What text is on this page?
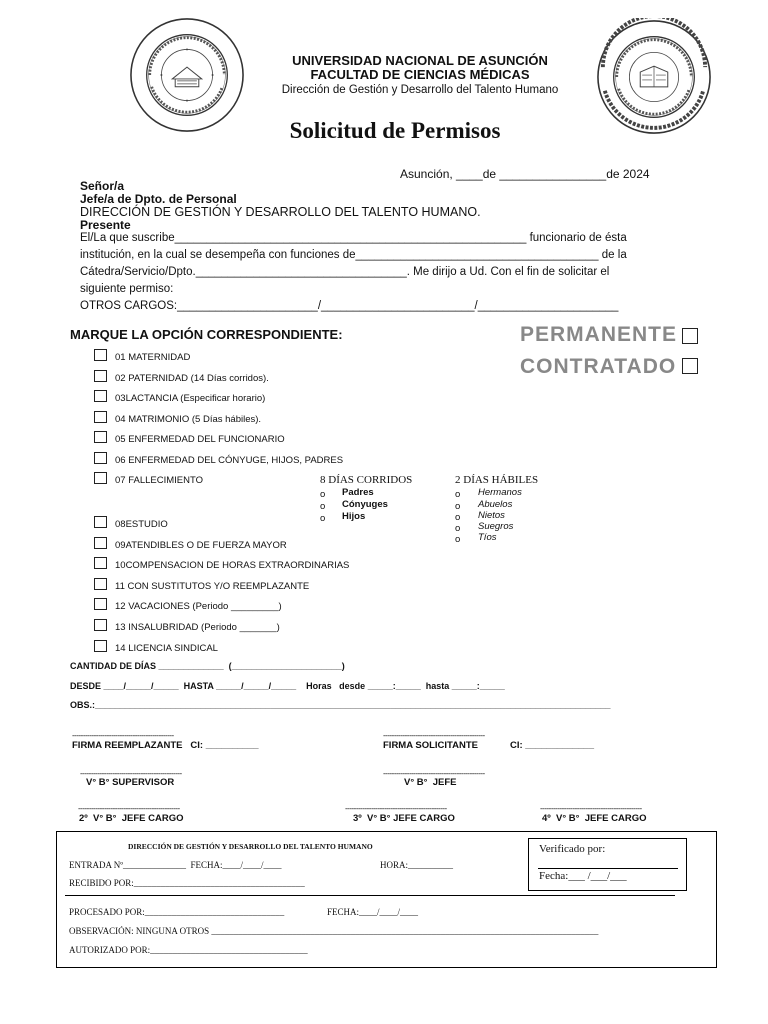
UNIVERSIDAD NACIONAL DE ASUNCIÓN
FACULTAD DE CIENCIAS MÉDICAS
Dirección de Gestión y Desarrollo del Talento Humano
Solicitud de Permisos
Asunción, ____de ________________de 2024
Señor/a
Jefe/a de Dpto. de Personal
DIRECCIÓN DE GESTIÓN Y DESARROLLO DEL TALENTO HUMANO.
Presente
El/La que suscribe_______________________________________________________ funcionario de ésta
institución, en la cual se desempeña con funciones de______________________________________ de la
Cátedra/Servicio/Dpto._________________________________. Me dirijo a Ud. Con el fin de solicitar el
siguiente permiso:
OTROS CARGOS:______________________/________________________/______________________
MARQUE LA OPCIÓN CORRESPONDIENTE:	PERMANENTE
CONTRATADO
01 MATERNIDAD
02 PATERNIDAD (14 Días corridos).
03LACTANCIA (Especificar horario)
04 MATRIMONIO (5 Días hábiles).
05 ENFERMEDAD DEL FUNCIONARIO
06 ENFERMEDAD DEL CÓNYUGE, HIJOS, PADRES
07 FALLECIMIENTO	8 DÍAS CORRIDOS
o Padres
o Cónyuges
o Hijos
2 DÍAS HÁBILES
o Hermanos
o Abuelos
o Nietos
o Suegros
o Tíos
08ESTUDIO
09ATENDIBLES O DE FUERZA MAYOR
10COMPENSACION DE HORAS EXTRAORDINARIAS
11 CON SUSTITUTOS Y/O REEMPLAZANTE
12 VACACIONES (Periodo _________)
13 INSALUBRIDAD (Periodo _______)
14 LICENCIA SINDICAL
CANTIDAD DE DÍAS _____________  (______________________)
DESDE ____/_____/_____  HASTA _____/_____/_____    Horas   desde _____:_____  hasta _____:_____
OBS.:_______________________________________________________________________________________________________
-----------------------------------------------
FIRMA REEMPLAZANTE   CI: __________
-----------------------------------------------
FIRMA SOLICITANTE	CI: _____________
-----------------------------------------------
V° B° SUPERVISOR
-----------------------------------------------
V° B°  JEFE
-----------------------------------------------
2º  V° B°  JEFE CARGO
-----------------------------------------------
3º  V° B° JEFE CARGO
-----------------------------------------------
4º  V° B°  JEFE CARGO
DIRECCIÓN DE GESTIÓN Y DESARROLLO DEL TALENTO HUMANO	Verificado por:
Fecha:___ /___/___
ENTRADA Nº______________  FECHA:____/____/____	HORA:__________
RECIBIDO POR:______________________________________
PROCESADO POR:_______________________________	FECHA:____/____/____
OBSERVACIÓN: NINGUNA OTROS ______________________________________________________________________________________
AUTORIZADO POR:___________________________________
